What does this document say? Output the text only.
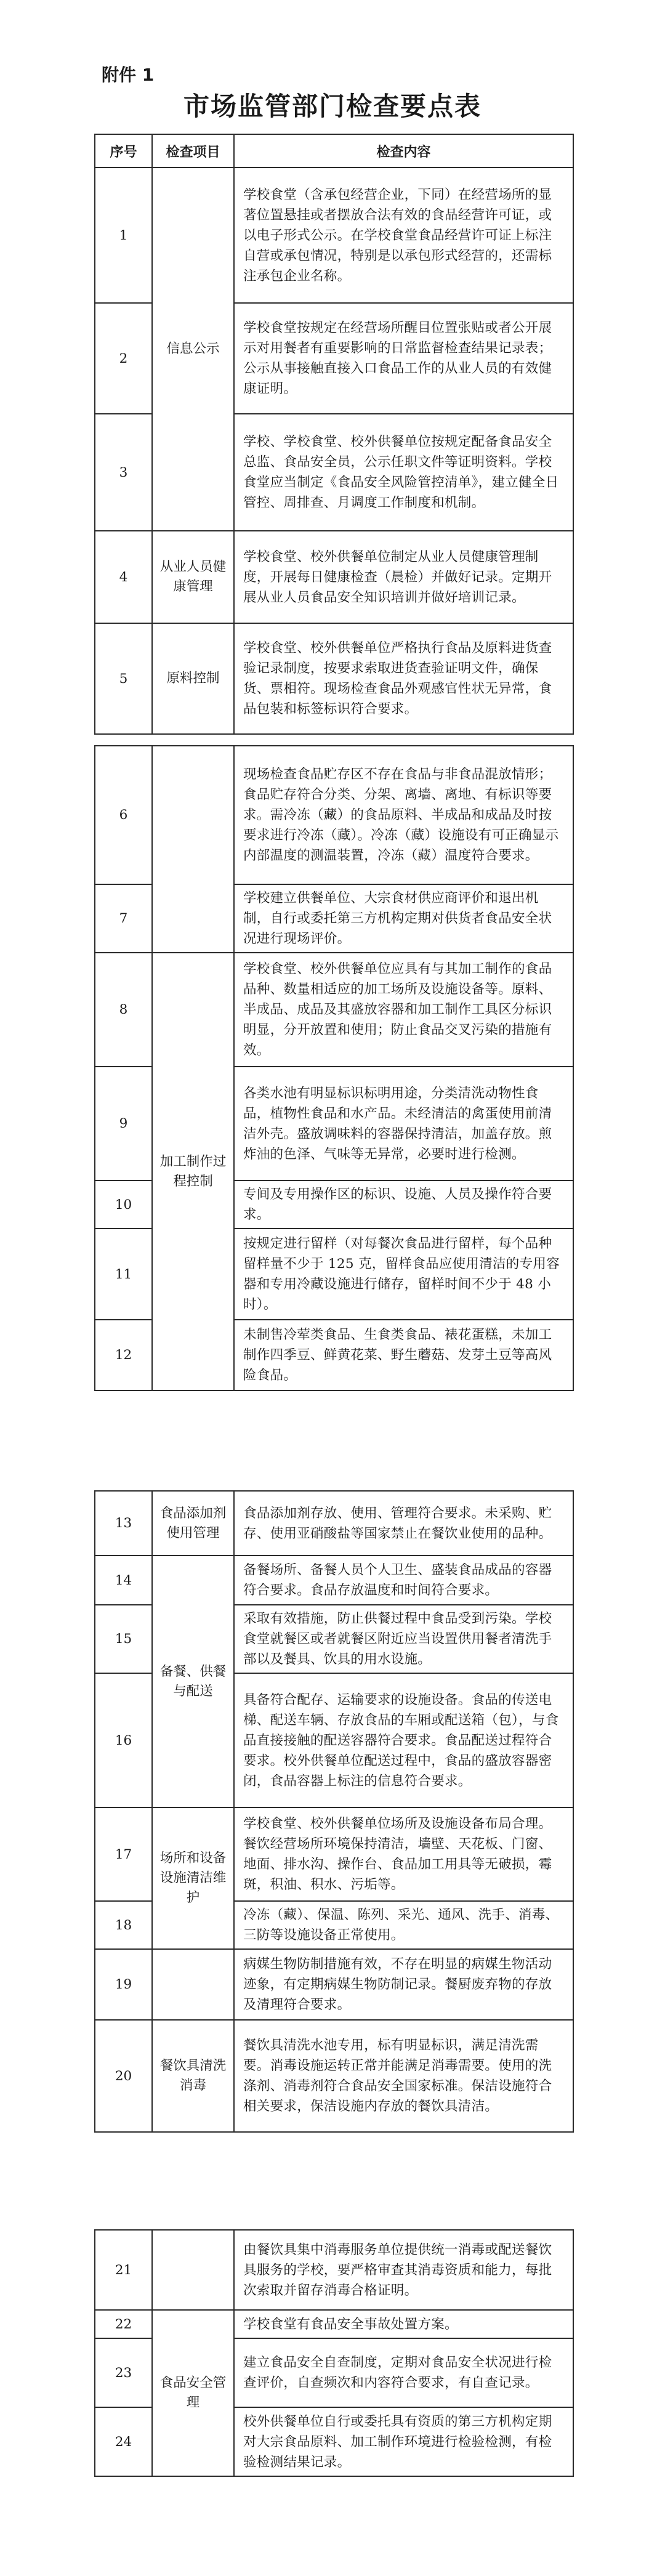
附件 1
市场监管部门检查要点表
序号	检查项目	检查内容
1	信息公示	学校食堂（含承包经营企业，下同）在经营场所的显著位置悬挂或者摆放合法有效的食品经营许可证，或以电子形式公示。在学校食堂食品经营许可证上标注自营或承包情况，特别是以承包形式经营的，还需标注承包企业名称。
2		学校食堂按规定在经营场所醒目位置张贴或者公开展示对用餐者有重要影响的日常监督检查结果记录表；公示从事接触直接入口食品工作的从业人员的有效健康证明。
3		学校、学校食堂、校外供餐单位按规定配备食品安全总监、食品安全员，公示任职文件等证明资料。学校食堂应当制定《食品安全风险管控清单》，建立健全日管控、周排查、月调度工作制度和机制。
4	从业人员健康管理	学校食堂、校外供餐单位制定从业人员健康管理制度，开展每日健康检查（晨检）并做好记录。定期开展从业人员食品安全知识培训并做好培训记录。
5	原料控制	学校食堂、校外供餐单位严格执行食品及原料进货查验记录制度，按要求索取进货查验证明文件，确保货、票相符。现场检查食品外观感官性状无异常，食品包装和标签标识符合要求。
6		现场检查食品贮存区不存在食品与非食品混放情形；食品贮存符合分类、分架、离墙、离地、有标识等要求。需冷冻（藏）的食品原料、半成品和成品及时按要求进行冷冻（藏）。冷冻（藏）设施设有可正确显示内部温度的测温装置，冷冻（藏）温度符合要求。
7		学校建立供餐单位、大宗食材供应商评价和退出机制，自行或委托第三方机构定期对供货者食品安全状况进行现场评价。
8	加工制作过程控制	学校食堂、校外供餐单位应具有与其加工制作的食品品种、数量相适应的加工场所及设施设备等。原料、半成品、成品及其盛放容器和加工制作工具区分标识明显，分开放置和使用；防止食品交叉污染的措施有效。
9		各类水池有明显标识标明用途，分类清洗动物性食品，植物性食品和水产品。未经清洁的禽蛋使用前清洁外壳。盛放调味料的容器保持清洁，加盖存放。煎炸油的色泽、气味等无异常，必要时进行检测。
10		专间及专用操作区的标识、设施、人员及操作符合要求。
11		按规定进行留样（对每餐次食品进行留样，每个品种留样量不少于 125 克，留样食品应使用清洁的专用容器和专用冷藏设施进行储存，留样时间不少于 48 小时）。
12		未制售冷荤类食品、生食类食品、裱花蛋糕，未加工制作四季豆、鲜黄花菜、野生蘑菇、发芽土豆等高风险食品。
13	食品添加剂使用管理	食品添加剂存放、使用、管理符合要求。未采购、贮存、使用亚硝酸盐等国家禁止在餐饮业使用的品种。
14	备餐、供餐与配送	备餐场所、备餐人员个人卫生、盛装食品成品的容器符合要求。食品存放温度和时间符合要求。
15		采取有效措施，防止供餐过程中食品受到污染。学校食堂就餐区或者就餐区附近应当设置供用餐者清洗手部以及餐具、饮具的用水设施。
16		具备符合配存、运输要求的设施设备。食品的传送电梯、配送车辆、存放食品的车厢或配送箱（包），与食品直接接触的配送容器符合要求。食品配送过程符合要求。校外供餐单位配送过程中，食品的盛放容器密闭，食品容器上标注的信息符合要求。
17	场所和设备设施清洁维护	学校食堂、校外供餐单位场所及设施设备布局合理。餐饮经营场所环境保持清洁，墙壁、天花板、门窗、地面、排水沟、操作台、食品加工用具等无破损，霉斑，积油、积水、污垢等。
18		冷冻（藏）、保温、陈列、采光、通风、洗手、消毒、三防等设施设备正常使用。
19		病媒生物防制措施有效，不存在明显的病媒生物活动迹象，有定期病媒生物防制记录。餐厨废弃物的存放及清理符合要求。
20	餐饮具清洗消毒	餐饮具清洗水池专用，标有明显标识，满足清洗需要。消毒设施运转正常并能满足消毒需要。使用的洗涤剂、消毒剂符合食品安全国家标准。保洁设施符合相关要求，保洁设施内存放的餐饮具清洁。
21		由餐饮具集中消毒服务单位提供统一消毒或配送餐饮具服务的学校，要严格审查其消毒资质和能力，每批次索取并留存消毒合格证明。
22	食品安全管理	学校食堂有食品安全事故处置方案。
23		建立食品安全自查制度，定期对食品安全状况进行检查评价，自查频次和内容符合要求，有自查记录。
24		校外供餐单位自行或委托具有资质的第三方机构定期对大宗食品原料、加工制作环境进行检验检测，有检验检测结果记录。
